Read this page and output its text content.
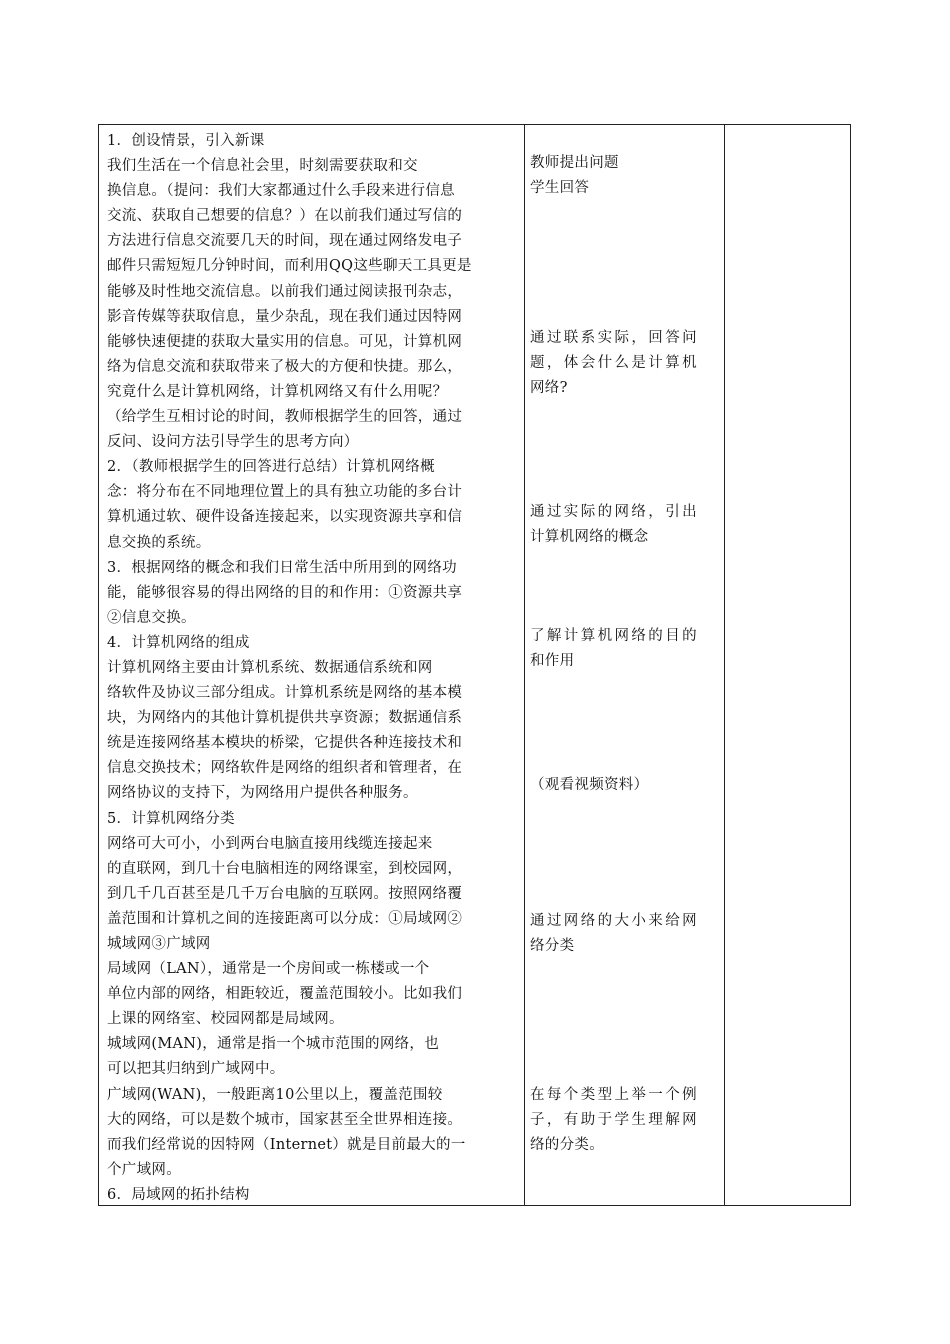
1．创设情景，引入新课
我们生活在一个信息社会里，时刻需要获取和交
换信息。（提问：我们大家都通过什么手段来进行信息
交流、获取自己想要的信息？）在以前我们通过写信的
方法进行信息交流要几天的时间，现在通过网络发电子
邮件只需短短几分钟时间，而利用QQ这些聊天工具更是
能够及时性地交流信息。以前我们通过阅读报刊杂志，
影音传媒等获取信息，量少杂乱，现在我们通过因特网
能够快速便捷的获取大量实用的信息。可见，计算机网
络为信息交流和获取带来了极大的方便和快捷。那么，
究竟什么是计算机网络，计算机网络又有什么用呢？
（给学生互相讨论的时间，教师根据学生的回答，通过
反问、设问方法引导学生的思考方向）
2．（教师根据学生的回答进行总结）计算机网络概
念：将分布在不同地理位置上的具有独立功能的多台计
算机通过软、硬件设备连接起来，以实现资源共享和信
息交换的系统。
3．根据网络的概念和我们日常生活中所用到的网络功
能，能够很容易的得出网络的目的和作用：①资源共享
②信息交换。
4．计算机网络的组成
计算机网络主要由计算机系统、数据通信系统和网
络软件及协议三部分组成。计算机系统是网络的基本模
块，为网络内的其他计算机提供共享资源；数据通信系
统是连接网络基本模块的桥梁，它提供各种连接技术和
信息交换技术；网络软件是网络的组织者和管理者，在
网络协议的支持下，为网络用户提供各种服务。
5．计算机网络分类
网络可大可小，小到两台电脑直接用线缆连接起来
的直联网，到几十台电脑相连的网络课室，到校园网，
到几千几百甚至是几千万台电脑的互联网。按照网络覆
盖范围和计算机之间的连接距离可以分成：①局域网②
城域网③广域网
局域网（LAN），通常是一个房间或一栋楼或一个
单位内部的网络，相距较近，覆盖范围较小。比如我们
上课的网络室、校园网都是局域网。
城域网(MAN)，通常是指一个城市范围的网络，也
可以把其归纳到广域网中。
广域网(WAN)，一般距离10公里以上，覆盖范围较
大的网络，可以是数个城市，国家甚至全世界相连接。
而我们经常说的因特网（Internet）就是目前最大的一
个广域网。
6．局域网的拓扑结构
教师提出问题
学生回答
通过联系实际，回答问
题，体会什么是计算机
网络?
通过实际的网络，引出
计算机网络的概念
了解计算机网络的目的
和作用
（观看视频资料）
通过网络的大小来给网
络分类
在每个类型上举一个例
子，有助于学生理解网
络的分类。
